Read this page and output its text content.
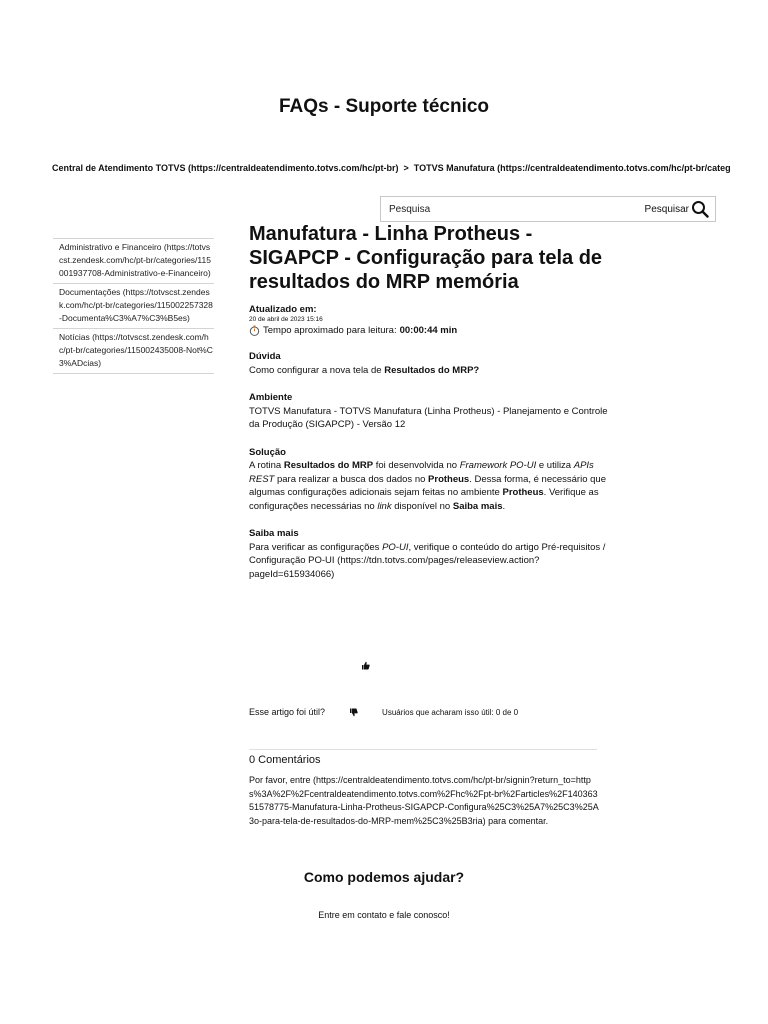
FAQs - Suporte técnico
Central de Atendimento TOTVS (https://centraldeatendimento.totvs.com/hc/pt-br) > TOTVS Manufatura (https://centraldeatendimento.totvs.com/hc/pt-br/categ
Pesquisa
Pesquisar
Administrativo e Financeiro (https://totvscst.zendesk.com/hc/pt-br/categories/115001937708-Administrativo-e-Financeiro)
Documentações (https://totvscst.zendesk.com/hc/pt-br/categories/115002257328-Documenta%C3%A7%C3%B5es)
Notícias (https://totvscst.zendesk.com/hc/pt-br/categories/115002435008-Not%C3%ADcias)
Manufatura - Linha Protheus - SIGAPCP - Configuração para tela de resultados do MRP memória
Atualizado em:
20 de abril de 2023 15:16
Tempo aproximado para leitura: 00:00:44 min
Dúvida
Como configurar a nova tela de Resultados do MRP?
Ambiente
TOTVS Manufatura - TOTVS Manufatura (Linha Protheus) - Planejamento e Controle da Produção (SIGAPCP) - Versão 12
Solução
A rotina Resultados do MRP foi desenvolvida no Framework PO-UI e utiliza APIs REST para realizar a busca dos dados no Protheus. Dessa forma, é necessário que algumas configurações adicionais sejam feitas no ambiente Protheus. Verifique as configurações necessárias no link disponível no Saiba mais.
Saiba mais
Para verificar as configurações PO-UI, verifique o conteúdo do artigo Pré-requisitos / Configuração PO-UI (https://tdn.totvs.com/pages/releaseview.action?pageId=615934066)
Esse artigo foi útil?	Usuários que acharam isso útil: 0 de 0
0 Comentários
Por favor, entre (https://centraldeatendimento.totvs.com/hc/pt-br/signin?return_to=https%3A%2F%2Fcentraldeatendimento.totvs.com%2Fhc%2Fpt-br%2Farticles%2F14036351578775-Manufatura-Linha-Protheus-SIGAPCP-Configura%25C3%25A7%25C3%25A3o-para-tela-de-resultados-do-MRP-mem%25C3%25B3ria) para comentar.
Como podemos ajudar?
Entre em contato e fale conosco!
